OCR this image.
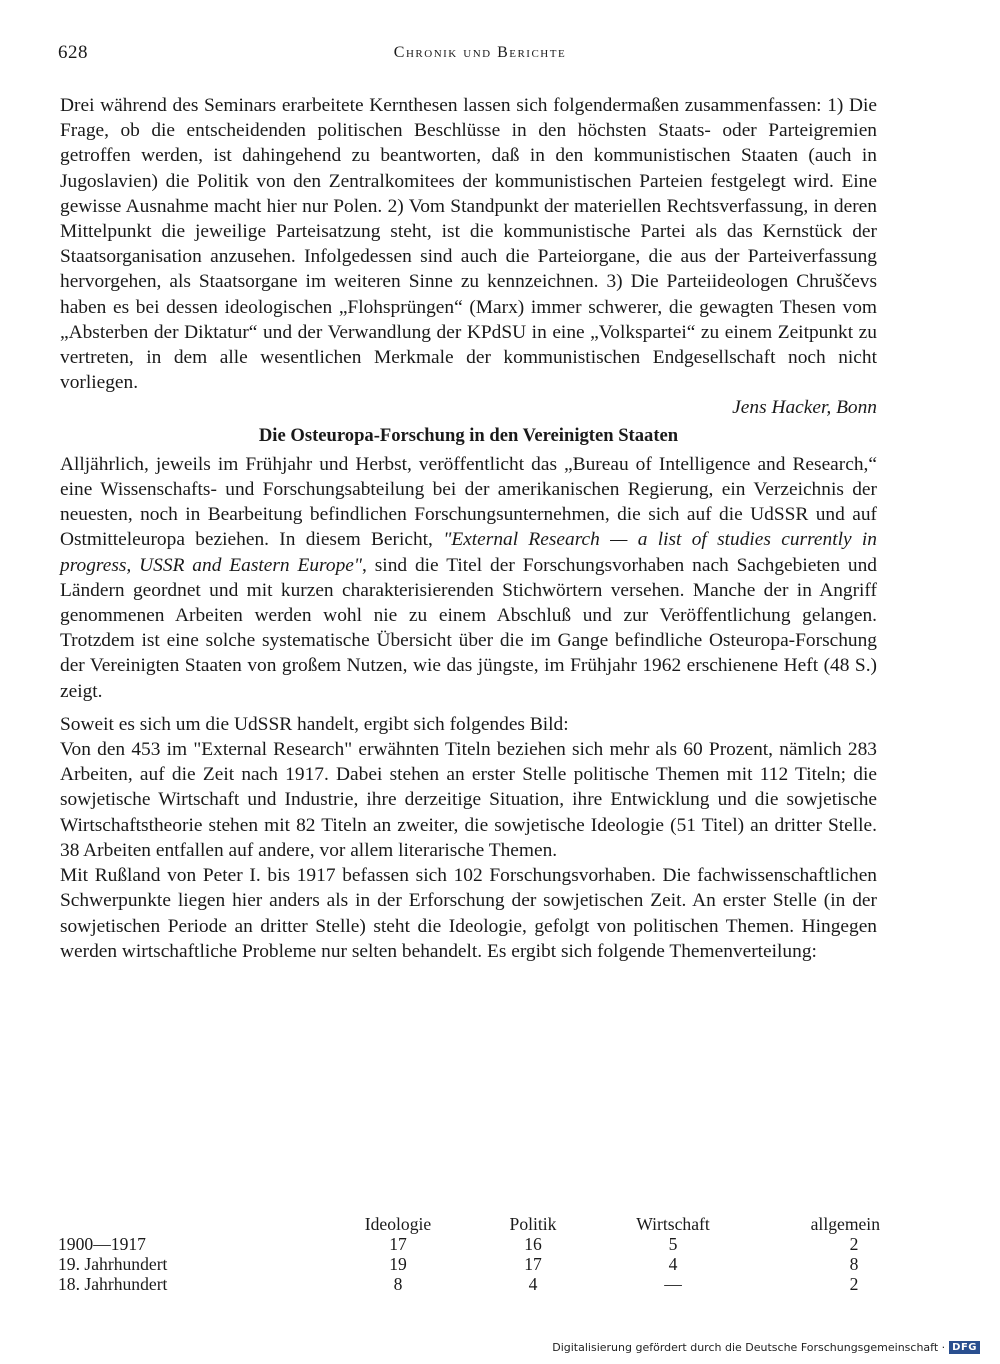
628	Chronik und Berichte

Drei während des Seminars erarbeitete Kernthesen lassen sich folgendermaßen zusammenfassen: 1) Die Frage, ob die entscheidenden politischen Beschlüsse in den höchsten Staats- oder Parteigremien getroffen werden, ist dahingehend zu beantworten, daß in den kommunistischen Staaten (auch in Jugoslavien) die Politik von den Zentralkomitees der kommunistischen Parteien festgelegt wird. Eine gewisse Ausnahme macht hier nur Polen. 2) Vom Standpunkt der materiellen Rechtsverfassung, in deren Mittelpunkt die jeweilige Parteisatzung steht, ist die kommunistische Partei als das Kernstück der Staatsorganisation anzusehen. Infolgedessen sind auch die Parteiorgane, die aus der Parteiverfassung hervorgehen, als Staatsorgane im weiteren Sinne zu kennzeichnen. 3) Die Parteiideologen Chruščevs haben es bei dessen ideologischen „Flohsprüngen“ (Marx) immer schwerer, die gewagten Thesen vom „Absterben der Diktatur“ und der Verwandlung der KPdSU in eine „Volkspartei“ zu einem Zeitpunkt zu vertreten, in dem alle wesentlichen Merkmale der kommunistischen Endgesellschaft noch nicht vorliegen.

Jens Hacker, Bonn

Die Osteuropa-Forschung in den Vereinigten Staaten

Alljährlich, jeweils im Frühjahr und Herbst, veröffentlicht das „Bureau of Intelligence and Research,“ eine Wissenschafts- und Forschungsabteilung bei der amerikanischen Regierung, ein Verzeichnis der neuesten, noch in Bearbeitung befindlichen Forschungsunternehmen, die sich auf die UdSSR und auf Ostmitteleuropa beziehen. In diesem Bericht, "External Research — a list of studies currently in progress, USSR and Eastern Europe", sind die Titel der Forschungsvorhaben nach Sachgebieten und Ländern geordnet und mit kurzen charakterisierenden Stichwörtern versehen. Manche der in Angriff genommenen Arbeiten werden wohl nie zu einem Abschluß und zur Veröffentlichung gelangen. Trotzdem ist eine solche systematische Übersicht über die im Gange befindliche Osteuropa-Forschung der Vereinigten Staaten von großem Nutzen, wie das jüngste, im Frühjahr 1962 erschienene Heft (48 S.) zeigt.

Soweit es sich um die UdSSR handelt, ergibt sich folgendes Bild:

Von den 453 im "External Research" erwähnten Titeln beziehen sich mehr als 60 Prozent, nämlich 283 Arbeiten, auf die Zeit nach 1917. Dabei stehen an erster Stelle politische Themen mit 112 Titeln; die sowjetische Wirtschaft und Industrie, ihre derzeitige Situation, ihre Entwicklung und die sowjetische Wirtschaftstheorie stehen mit 82 Titeln an zweiter, die sowjetische Ideologie (51 Titel) an dritter Stelle. 38 Arbeiten entfallen auf andere, vor allem literarische Themen.

Mit Rußland von Peter I. bis 1917 befassen sich 102 Forschungsvorhaben. Die fachwissenschaftlichen Schwerpunkte liegen hier anders als in der Erforschung der sowjetischen Zeit. An erster Stelle (in der sowjetischen Periode an dritter Stelle) steht die Ideologie, gefolgt von politischen Themen. Hingegen werden wirtschaftliche Probleme nur selten behandelt. Es ergibt sich folgende Themenverteilung:

	Ideologie	Politik	Wirtschaft	allgemein
1900—1917	17	16	5	2
19. Jahrhundert	19	17	4	8
18. Jahrhundert	8	4	—	2
Digitalisierung gefördert durch die Deutsche Forschungsgemeinschaft · DFG
